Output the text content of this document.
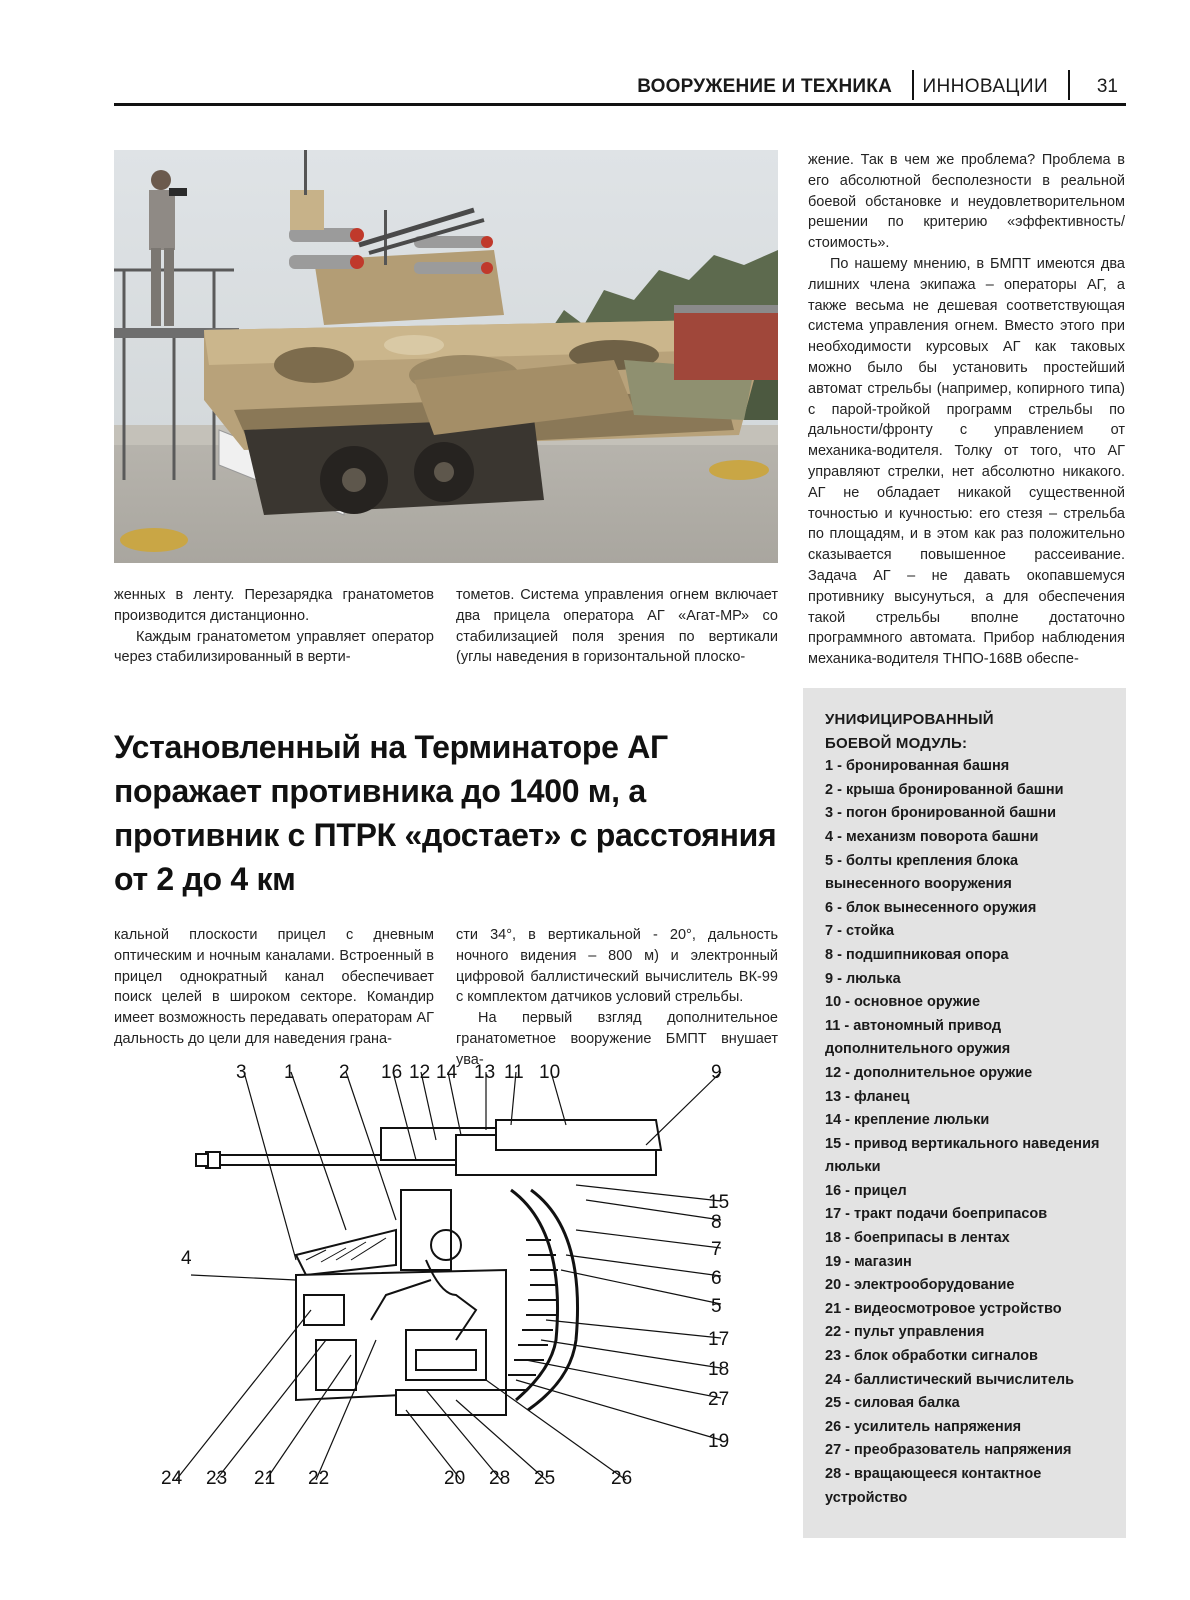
ВООРУЖЕНИЕ И ТЕХНИКА ИННОВАЦИИ	31

жение. Так в чем же проблема? Проблема в его абсолютной бесполезности в реальной боевой обстановке и неудовлетворительном решении по критерию «эффективность/стоимость».

По нашему мнению, в БМПТ имеются два лишних члена экипажа – операторы АГ, а также весьма не дешевая соответствующая система управления огнем. Вместо этого при необходимости курсовых АГ как таковых можно было бы установить простейший автомат стрельбы (например, копирного типа) с парой-тройкой программ стрельбы по дальности/фронту с управлением от механика-водителя. Толку от того, что АГ управляют стрелки, нет абсолютно никакого. АГ не обладает никакой существенной точностью и кучностью: его стезя – стрельба по площадям, и в этом как раз положительно сказывается повышенное рассеивание. Задача АГ – не давать окопавшемуся противнику высунуться, а для обеспечения такой стрельбы вполне достаточно программного автомата. Прибор наблюдения механика-водителя ТНПО-168В обеспе-

женных в ленту. Перезарядка гранатометов производится дистанционно.

Каждым гранатометом управляет оператор через стабилизированный в верти-

тометов. Система управления огнем включает два прицела оператора АГ «Агат-МР» со стабилизацией поля зрения по вертикали (углы наведения в горизонтальной плоско-

Установленный на Терминаторе АГ поражает противника до 1400 м, а противник с ПТРК «достает» с расстояния от 2 до 4 км

кальной плоскости прицел с дневным оптическим и ночным каналами. Встроенный в прицел однократный канал обеспечивает поиск целей в широком секторе. Командир имеет возможность передавать операторам АГ дальность до цели для наведения грана-

сти 34°, в вертикальной - 20°, дальность ночного видения – 800 м) и электронный цифровой баллистический вычислитель ВК-99 с комплектом датчиков условий стрельбы.

На первый взгляд дополнительное гранатометное вооружение БМПТ внушает ува-

УНИФИЦИРОВАННЫЙ
БОЕВОЙ МОДУЛЬ:
1 - бронированная башня
2 - крыша бронированной башни
3 - погон бронированной башни
4 - механизм поворота башни
5 - болты крепления блока вынесенного вооружения
6 - блок вынесенного оружия
7 - стойка
8 - подшипниковая опора
9 - люлька
10 - основное оружие
11 - автономный привод дополнительного оружия
12 - дополнительное оружие
13 - фланец
14 - крепление люльки
15 - привод вертикального наведения люльки
16 - прицел
17 - тракт подачи боеприпасов
18 - боеприпасы в лентах
19 - магазин
20 - электрооборудование
21 - видеосмотровое устройство
22 - пульт управления
23 - блок обработки сигналов
24 - баллистический вычислитель
25 - силовая балка
26 - усилитель напряжения
27 - преобразователь напряжения
28 - вращающееся контактное устройство
3 1 2 16 12 14 13 11 10	9
15
8
7
6
5
17
18
27
19
4
24 23 21 22	20 28 25	26
